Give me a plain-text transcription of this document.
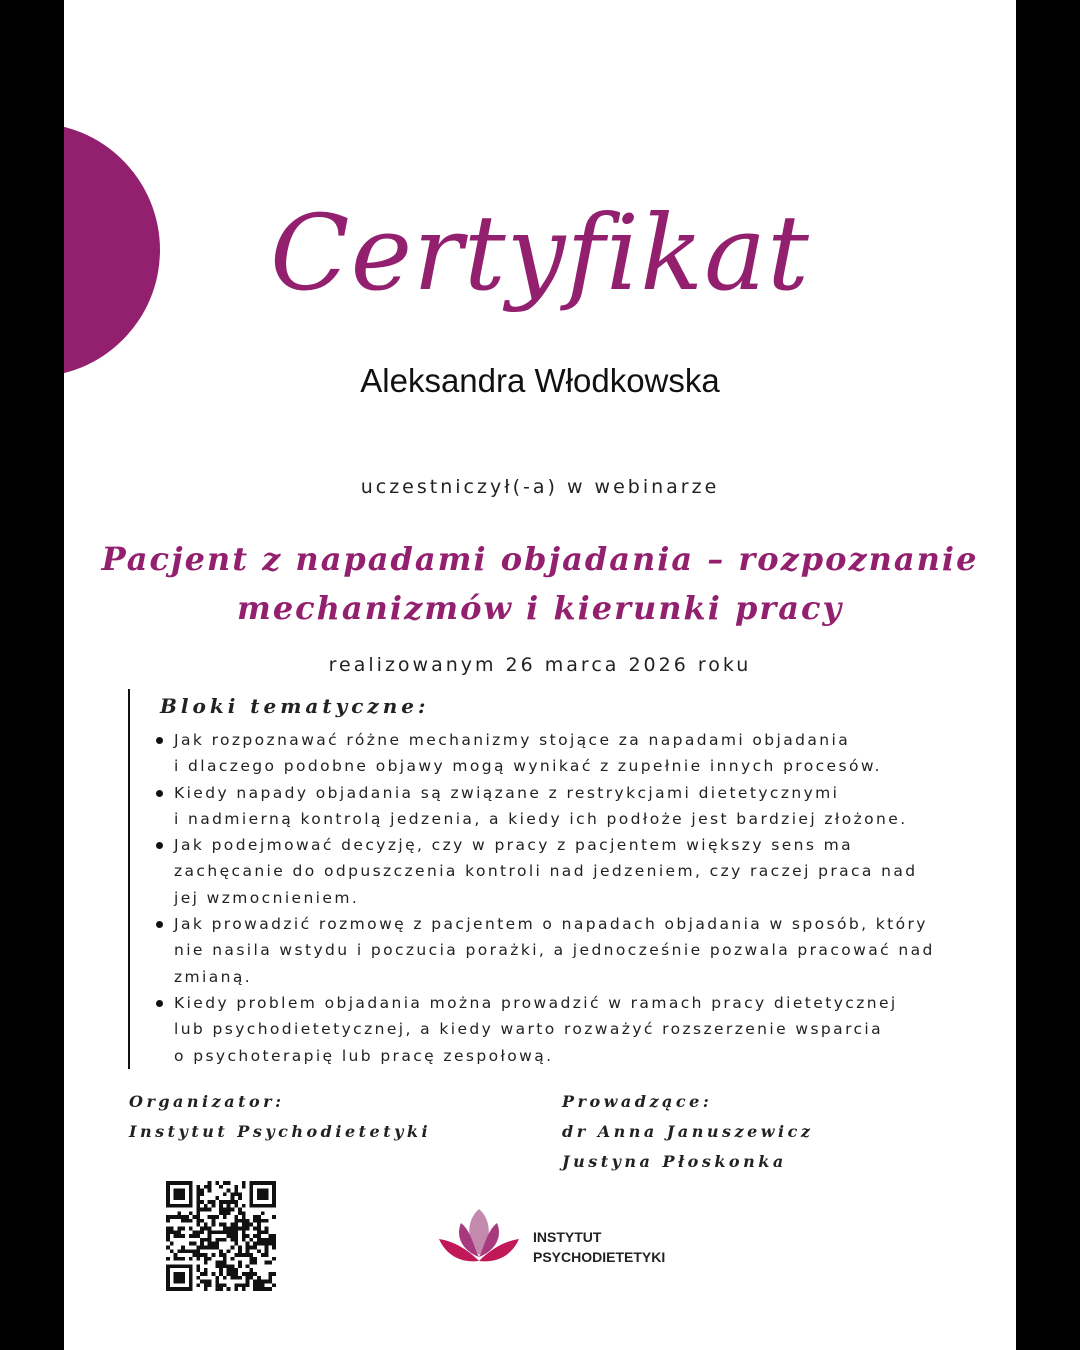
Certyfikat
Aleksandra Włodkowska
uczestniczył(-a) w webinarze
Pacjent z napadami objadania – rozpoznanie
mechanizmów i kierunki pracy
realizowanym 26 marca 2026 roku
Bloki tematyczne:
Jak rozpoznawać różne mechanizmy stojące za napadami objadania
i dlaczego podobne objawy mogą wynikać z zupełnie innych procesów.
Kiedy napady objadania są związane z restrykcjami dietetycznymi
i nadmierną kontrolą jedzenia, a kiedy ich podłoże jest bardziej złożone.
Jak podejmować decyzję, czy w pracy z pacjentem większy sens ma
zachęcanie do odpuszczenia kontroli nad jedzeniem, czy raczej praca nad
jej wzmocnieniem.
Jak prowadzić rozmowę z pacjentem o napadach objadania w sposób, który
nie nasila wstydu i poczucia porażki, a jednocześnie pozwala pracować nad
zmianą.
Kiedy problem objadania można prowadzić w ramach pracy dietetycznej
lub psychodietetycznej, a kiedy warto rozważyć rozszerzenie wsparcia
o psychoterapię lub pracę zespołową.
Organizator:
Instytut Psychodietetyki
Prowadzące:
dr Anna Januszewicz
Justyna Płoskonka
INSTYTUT
PSYCHODIETETYKI
